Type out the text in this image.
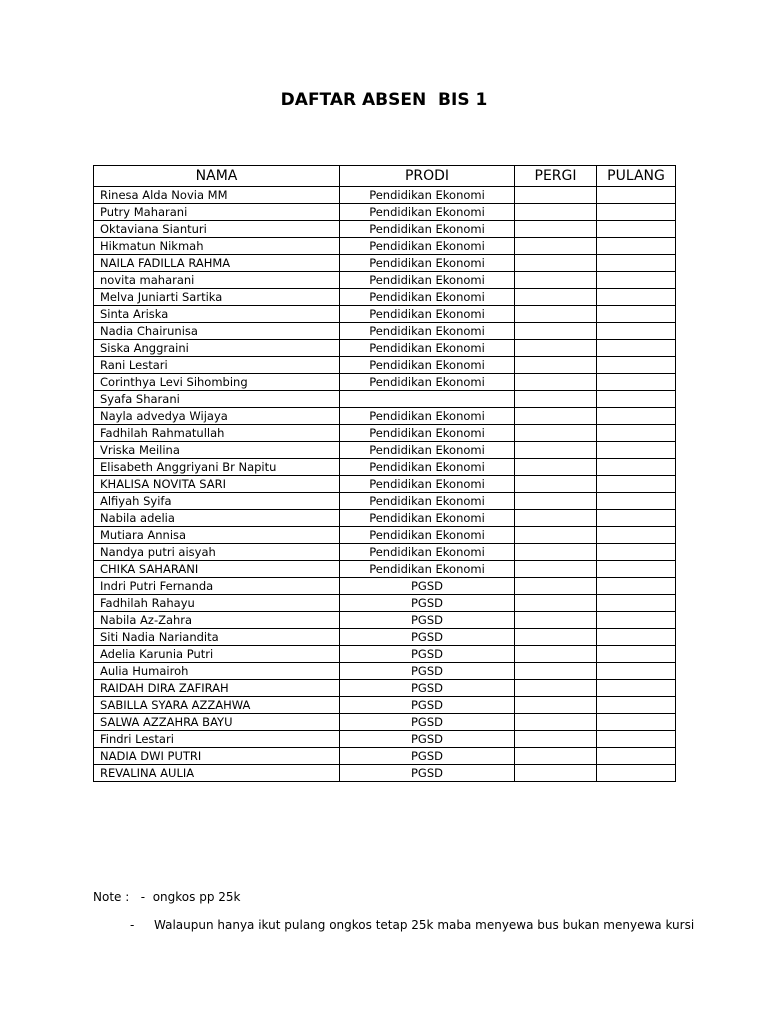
DAFTAR ABSEN  BIS 1
NAMA	PRODI	PERGI	PULANG
Rinesa Alda Novia MM	Pendidikan Ekonomi		
Putry Maharani	Pendidikan Ekonomi		
Oktaviana Sianturi	Pendidikan Ekonomi		
Hikmatun Nikmah	Pendidikan Ekonomi		
NAILA FADILLA RAHMA	Pendidikan Ekonomi		
novita maharani	Pendidikan Ekonomi		
Melva Juniarti Sartika	Pendidikan Ekonomi		
Sinta Ariska	Pendidikan Ekonomi		
Nadia Chairunisa	Pendidikan Ekonomi		
Siska Anggraini	Pendidikan Ekonomi		
Rani Lestari	Pendidikan Ekonomi		
Corinthya Levi Sihombing	Pendidikan Ekonomi		
Syafa Sharani			
Nayla advedya Wijaya	Pendidikan Ekonomi		
Fadhilah Rahmatullah	Pendidikan Ekonomi		
Vriska Meilina	Pendidikan Ekonomi		
Elisabeth Anggriyani Br Napitu	Pendidikan Ekonomi		
KHALISA NOVITA SARI	Pendidikan Ekonomi		
Alfiyah Syifa	Pendidikan Ekonomi		
Nabila adelia	Pendidikan Ekonomi		
Mutiara Annisa	Pendidikan Ekonomi		
Nandya putri aisyah	Pendidikan Ekonomi		
CHIKA SAHARANI	Pendidikan Ekonomi		
Indri Putri Fernanda	PGSD		
Fadhilah Rahayu	PGSD		
Nabila Az-Zahra	PGSD		
Siti Nadia Nariandita	PGSD		
Adelia Karunia Putri	PGSD		
Aulia Humairoh	PGSD		
RAIDAH DIRA ZAFIRAH	PGSD		
SABILLA SYARA AZZAHWA	PGSD		
SALWA AZZAHRA BAYU	PGSD		
Findri Lestari	PGSD		
NADIA DWI PUTRI	PGSD		
REVALINA AULIA	PGSD		
Note : - ongkos pp 25k
- Walaupun hanya ikut pulang ongkos tetap 25k maba menyewa bus bukan menyewa kursi
